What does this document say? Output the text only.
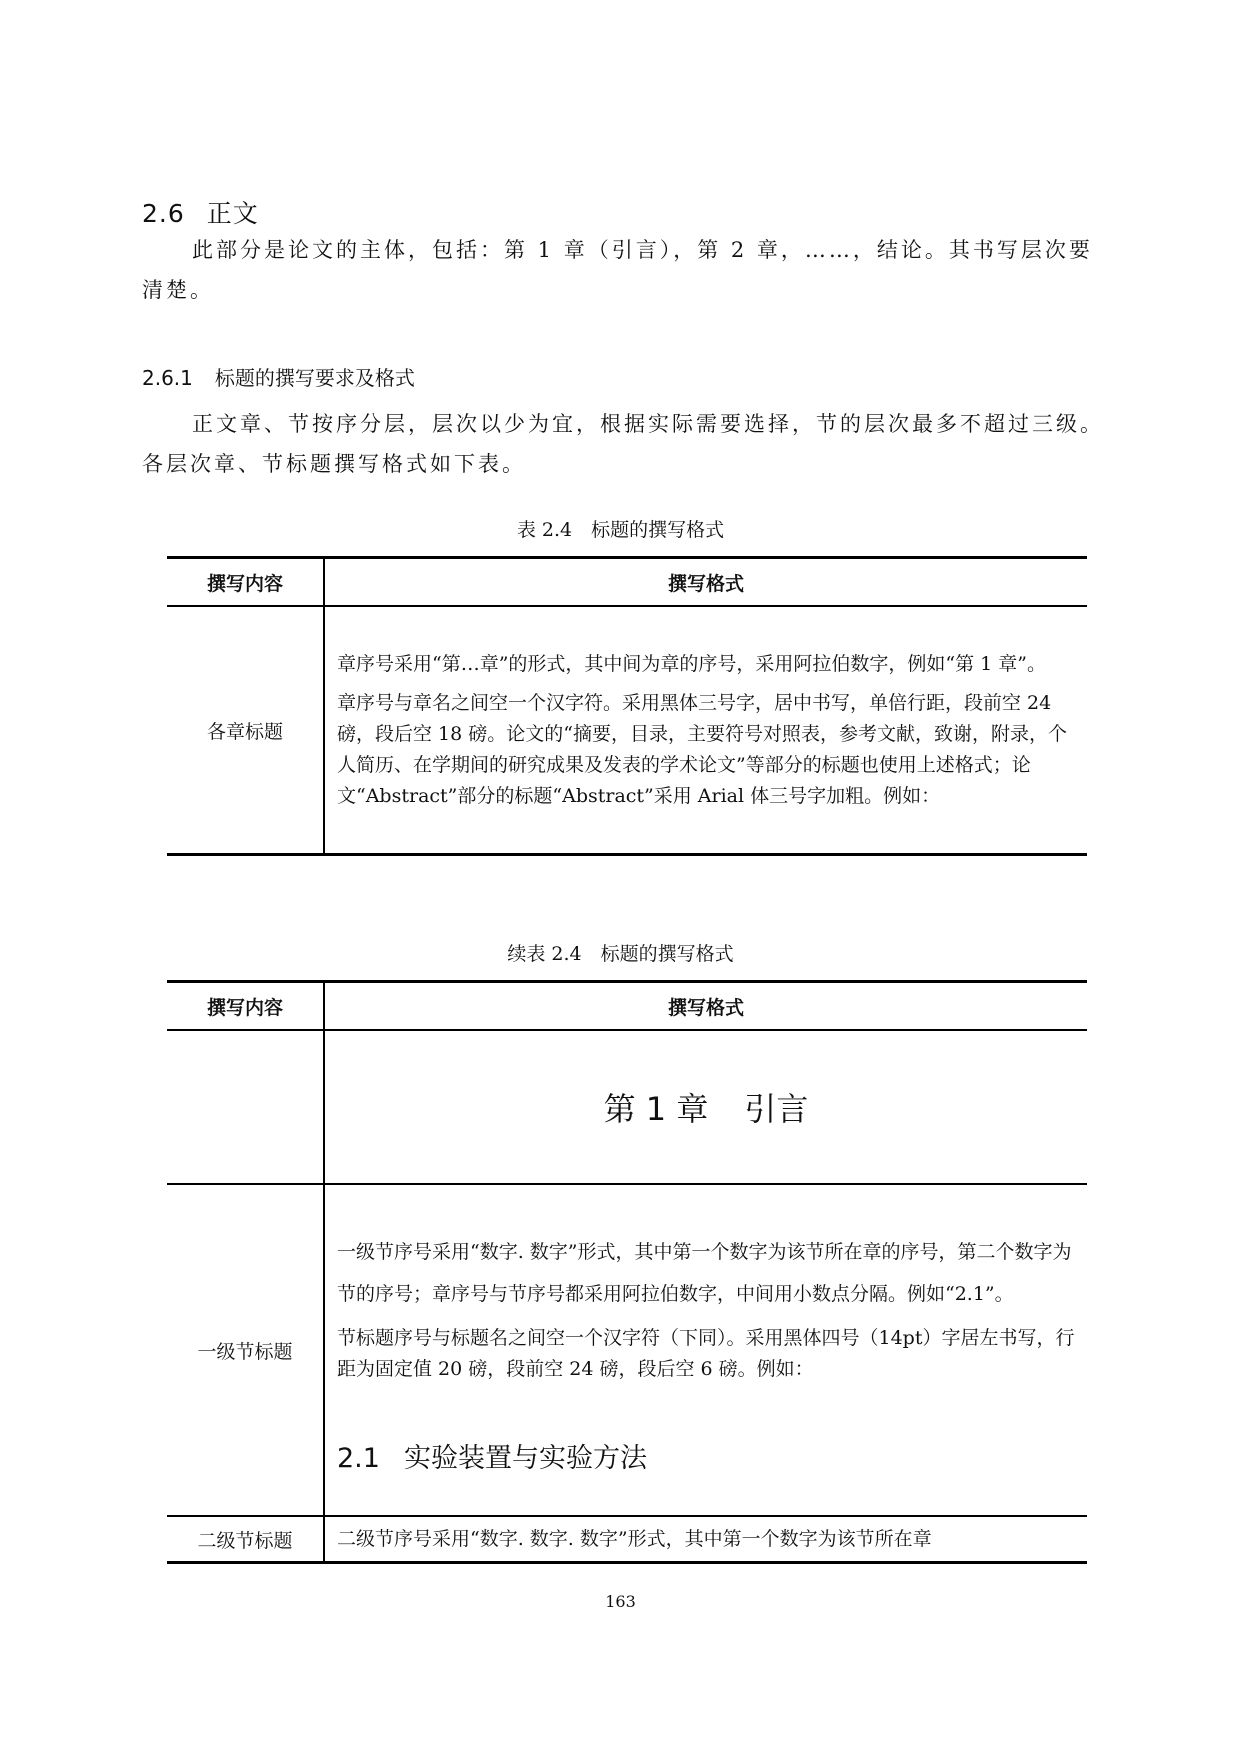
2.6 正文
此部分是论文的主体，包括：第 1 章（引言），第 2 章，……，结论。其书写层次要清楚。
2.6.1 标题的撰写要求及格式
正文章、节按序分层，层次以少为宜，根据实际需要选择，节的层次最多不超过三级。各层次章、节标题撰写格式如下表。
表 2.4　标题的撰写格式
撰写内容	撰写格式
各章标题	章序号采用“第…章”的形式，其中间为章的序号，采用阿拉伯数字，例如“第 1 章”。

章序号与章名之间空一个汉字符。采用黑体三号字，居中书写，单倍行距，段前空 24 磅，段后空 18 磅。论文的“摘要，目录，主要符号对照表，参考文献，致谢，附录，个人简历、在学期间的研究成果及发表的学术论文”等部分的标题也使用上述格式；论文“Abstract”部分的标题“Abstract”采用 Arial 体三号字加粗。例如：

续表 2.4　标题的撰写格式
撰写内容	撰写格式

	第 1 章 引言

一级节标题	一级节序号采用“数字. 数字”形式，其中第一个数字为该节所在章的序号，第二个数字为节的序号；章序号与节序号都采用阿拉伯数字，中间用小数点分隔。例如“2.1”。

节标题序号与标题名之间空一个汉字符（下同）。采用黑体四号（14pt）字居左书写，行距为固定值 20 磅，段前空 24 磅，段后空 6 磅。例如：

2.1 实验装置与实验方法

二级节标题	二级节序号采用“数字. 数字. 数字”形式，其中第一个数字为该节所在章

163
